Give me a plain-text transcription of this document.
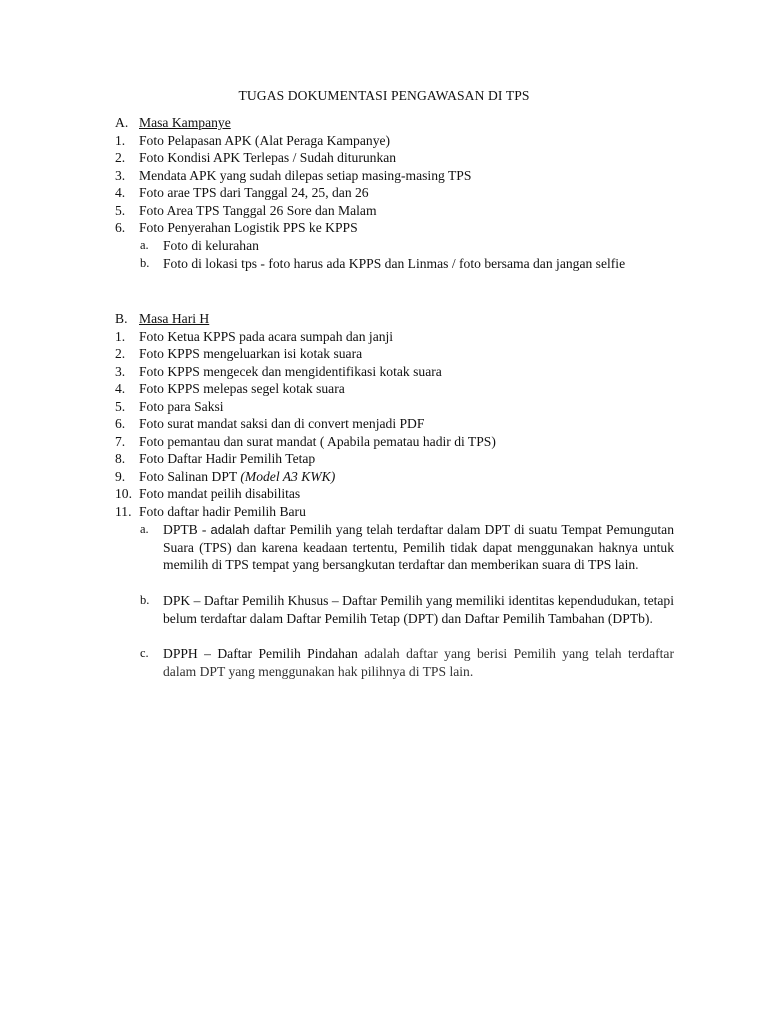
TUGAS DOKUMENTASI PENGAWASAN DI TPS
A. Masa Kampanye
1. Foto Pelapasan APK (Alat Peraga Kampanye)
2. Foto Kondisi APK Terlepas / Sudah diturunkan
3. Mendata APK yang sudah dilepas setiap masing-masing TPS
4. Foto arae TPS dari Tanggal 24, 25, dan 26
5. Foto Area TPS Tanggal 26 Sore dan Malam
6. Foto Penyerahan Logistik PPS ke KPPS
a. Foto di kelurahan
b. Foto di lokasi tps - foto harus ada KPPS dan Linmas / foto bersama dan jangan selfie
B. Masa Hari H
1. Foto Ketua KPPS pada acara sumpah dan janji
2. Foto KPPS mengeluarkan isi kotak suara
3. Foto KPPS mengecek dan mengidentifikasi kotak suara
4. Foto KPPS melepas segel kotak suara
5. Foto para Saksi
6. Foto surat mandat saksi dan di convert menjadi PDF
7. Foto pemantau dan surat mandat ( Apabila pematau hadir di TPS)
8. Foto Daftar Hadir Pemilih Tetap
9. Foto Salinan DPT (Model A3 KWK)
10. Foto mandat peilih disabilitas
11. Foto daftar hadir Pemilih Baru
a. DPTB - adalah daftar Pemilih yang telah terdaftar dalam DPT di suatu Tempat Pemungutan Suara (TPS) dan karena keadaan tertentu, Pemilih tidak dapat menggunakan haknya untuk memilih di TPS tempat yang bersangkutan terdaftar dan memberikan suara di TPS lain.
b. DPK – Daftar Pemilih Khusus – Daftar Pemilih yang memiliki identitas kependudukan, tetapi belum terdaftar dalam Daftar Pemilih Tetap (DPT) dan Daftar Pemilih Tambahan (DPTb).
c. DPPH – Daftar Pemilih Pindahan adalah daftar yang berisi Pemilih yang telah terdaftar dalam DPT yang menggunakan hak pilihnya di TPS lain.
